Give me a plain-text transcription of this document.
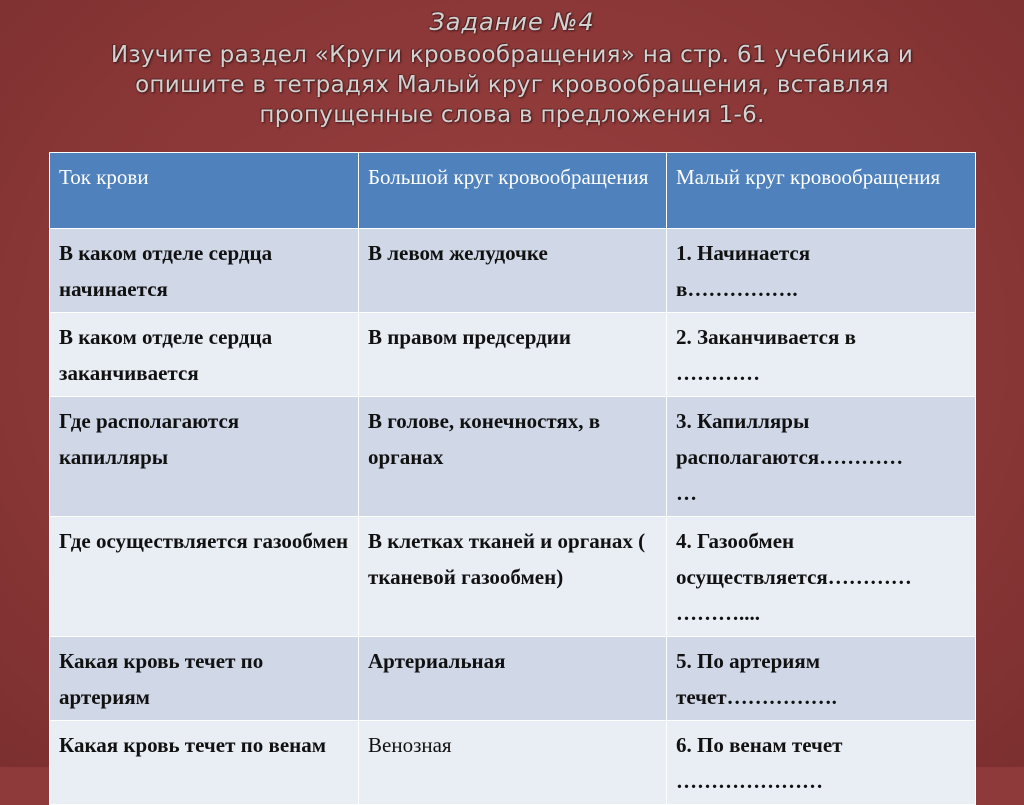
Задание №4
Изучите раздел «Круги кровообращения» на стр. 61 учебника и
опишите в тетрадях Малый круг кровообращения, вставляя
пропущенные слова в предложения 1-6.
Ток крови	Большой круг кровообращения	Малый круг кровообращения
В каком отделе сердца начинается	В левом желудочке	1. Начинается
в…………….

В каком отделе сердца заканчивается	В правом предсердии	2. Заканчивается в
…………

Где располагаются капилляры	В голове, конечностях, в органах	3. Капилляры
располагаются…………
…

Где осуществляется газообмен	В клетках тканей и органах ( тканевой газообмен)	4. Газообмен
осуществляется…………
………....

Какая кровь течет по артериям	Артериальная	5. По артериям
течет…………….

Какая кровь течет по венам	Венозная	6. По венам течет
…………………
